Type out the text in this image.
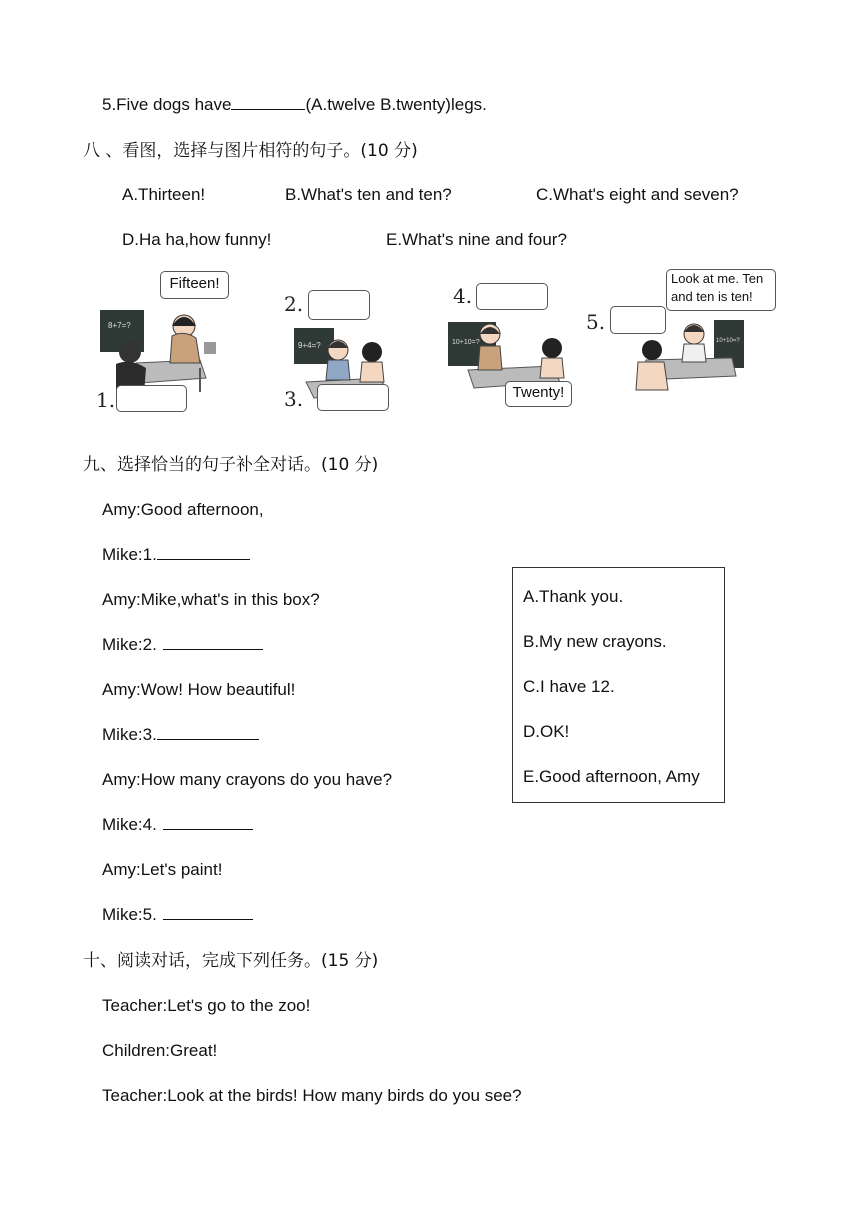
5.Five dogs have	(A.twelve B.twenty)legs.
八 、看图，选择与图片相符的句子。(10 分)
A.Thirteen!	B.What's ten and ten?	C.What's eight and seven?
D.Ha ha,how funny!	E.What's nine and four?
8+7=?
Fifteen!
1.
9+4=?
2.
3.
10+10=?
4.
Twenty!
10+10=?
Look at me. Ten
and ten is ten!
5.
九、选择恰当的句子补全对话。(10 分)
Amy:Good afternoon,
Mike:1.
Amy:Mike,what's in this box?
Mike:2.
Amy:Wow! How beautiful!
Mike:3.
Amy:How many crayons do you have?
Mike:4.
Amy:Let's paint!
Mike:5.
A.Thank you.
B.My new crayons.
C.I have 12.
D.OK!
E.Good afternoon, Amy
十、阅读对话，完成下列任务。(15 分)
Teacher:Let's go to the zoo!
Children:Great!
Teacher:Look at the birds! How many birds do you see?
